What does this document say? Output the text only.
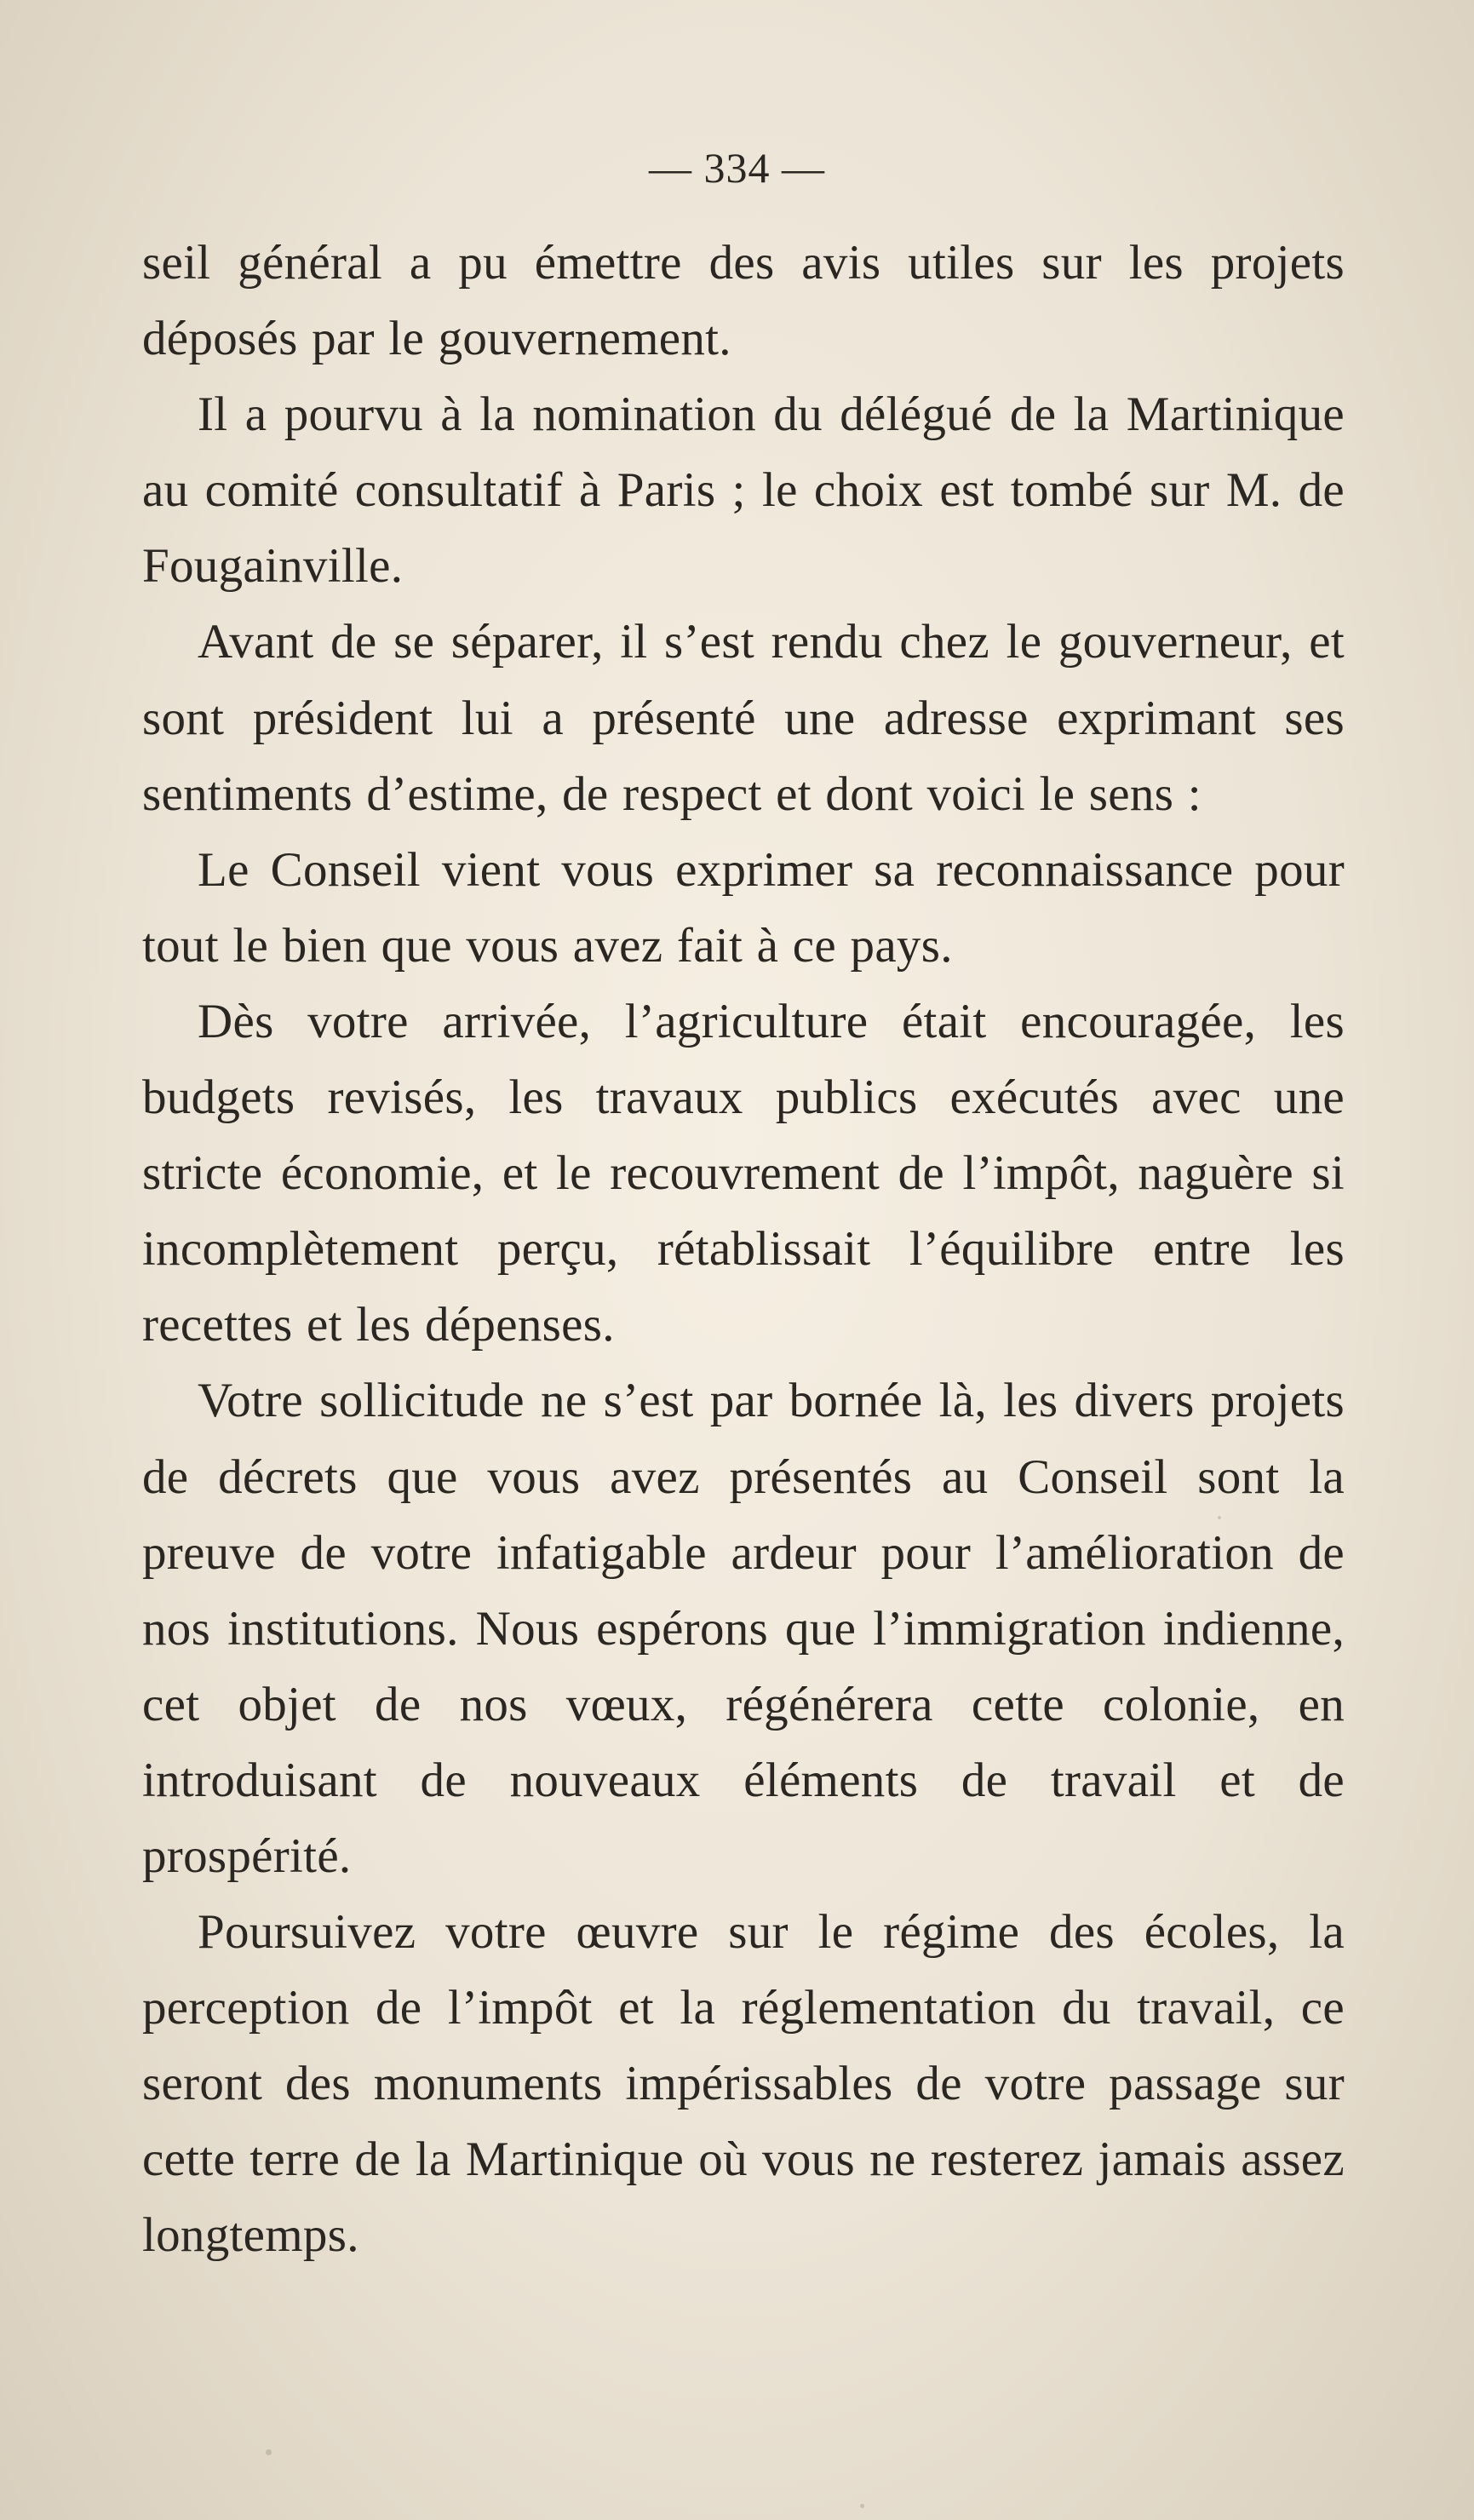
— 334 —

seil général a pu émettre des avis utiles sur les projets déposés par le gouvernement.

Il a pourvu à la nomination du délégué de la Martinique au comité consultatif à Paris ; le choix est tombé sur M. de Fougainville.

Avant de se séparer, il s’est rendu chez le gouverneur, et sont président lui a présenté une adresse exprimant ses sentiments d’estime, de respect et dont voici le sens :

Le Conseil vient vous exprimer sa reconnaissance pour tout le bien que vous avez fait à ce pays.

Dès votre arrivée, l’agriculture était encouragée, les budgets revisés, les travaux publics exécutés avec une stricte économie, et le recouvrement de l’impôt, naguère si incomplètement perçu, rétablissait l’équilibre entre les recettes et les dépenses.

Votre sollicitude ne s’est par bornée là, les divers projets de décrets que vous avez présentés au Conseil sont la preuve de votre infatigable ardeur pour l’amélioration de nos institutions. Nous espérons que l’immigration indienne, cet objet de nos vœux, régénérera cette colonie, en introduisant de nouveaux éléments de travail et de prospérité.

Poursuivez votre œuvre sur le régime des écoles, la perception de l’impôt et la réglementation du travail, ce seront des monuments impérissables de votre passage sur cette terre de la Martinique où vous ne resterez jamais assez longtemps.
